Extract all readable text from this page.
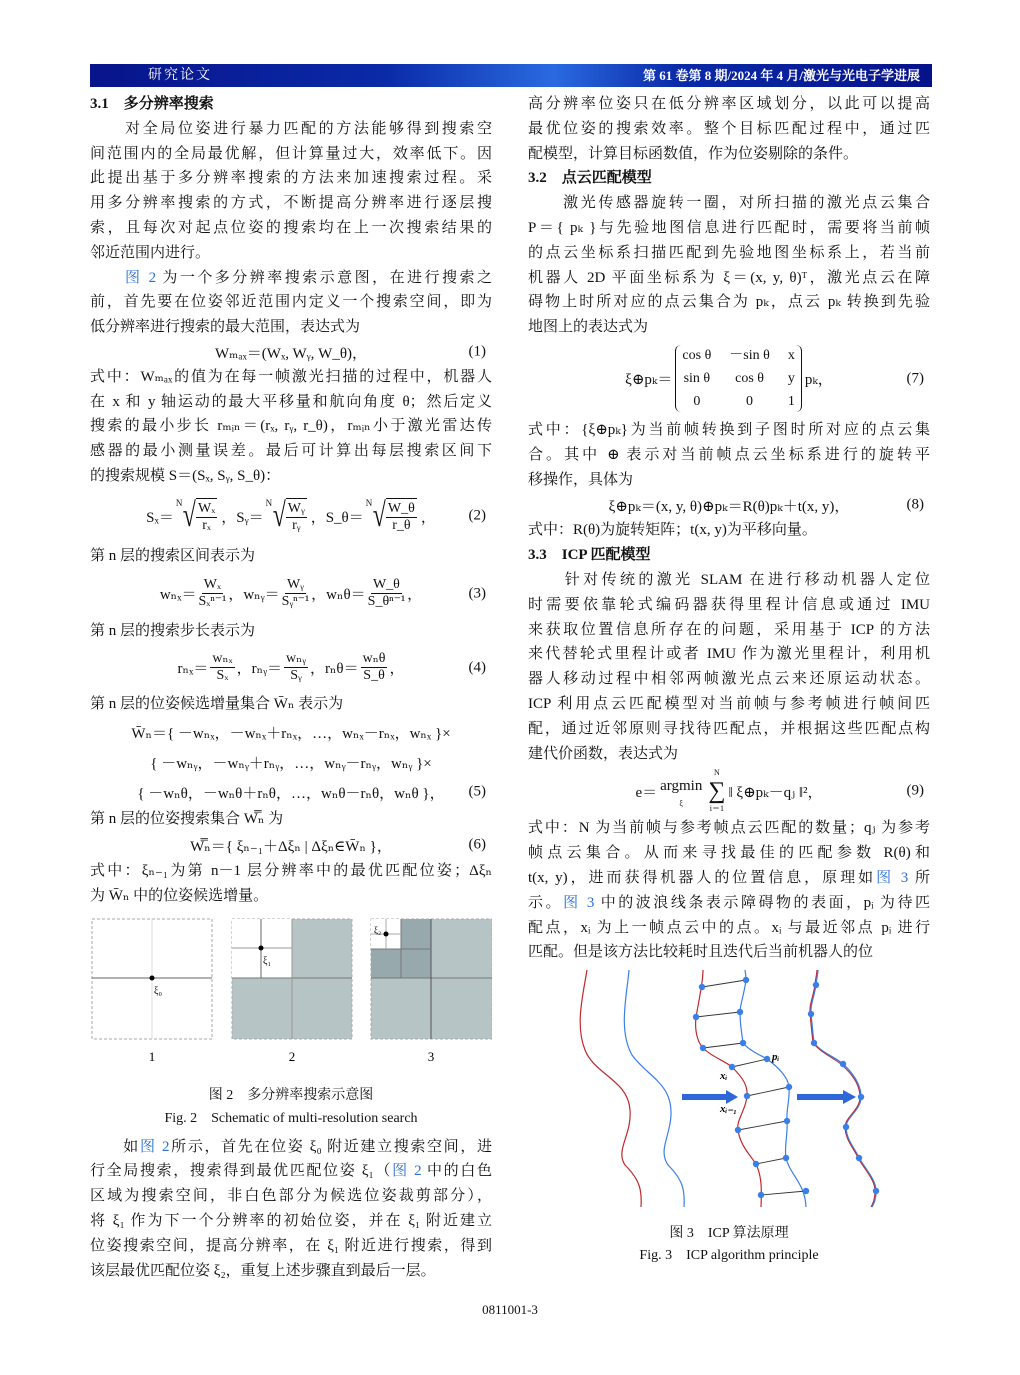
研究论文	第 61 卷第 8 期/2024 年 4 月/激光与光电子学进展
3.1　多分辨率搜索
　　对全局位姿进行暴力匹配的方法能够得到搜索空
间范围内的全局最优解，但计算量过大，效率低下。因
此提出基于多分辨率搜索的方法来加速搜索过程。采
用多分辨率搜索的方式，不断提高分辨率进行逐层搜
索，且每次对起点位姿的搜索均在上一次搜索结果的
邻近范围内进行。
　　图 2 为一个多分辨率搜索示意图，在进行搜索之
前，首先要在位姿邻近范围内定义一个搜索空间，即为
低分辨率进行搜索的最大范围，表达式为
Wₘₐₓ＝(Wₓ, Wᵧ, W_θ)，	(1)
式中：Wₘₐₓ的值为在每一帧激光扫描的过程中，机器人
在 x 和 y 轴运动的最大平移量和航向角度 θ；然后定义
搜索的最小步长 rₘᵢₙ＝(rₓ, rᵧ, r_θ)，rₘᵢₙ小于激光雷达传
感器的最小测量误差。最后可计算出每层搜索区间下
的搜索规模 S＝(Sₓ, Sᵧ, S_θ)：
Sₓ＝
N √ $\frac{\text{Wₓ}}{\text{rₓ}}$ ，Sᵧ＝
N √ $\frac{\text{Wᵧ}}{\text{rᵧ}}$ ，S_θ＝
N √ $\frac{W\_\theta}{r\_\theta}$ ， (2)
第 n 层的搜索区间表示为
$w_{nx}= \frac{\text{Wₓ}}{\text{Sₓⁿ⁻¹}}$ ，wₙᵧ＝ $\frac{\text{Wᵧ}}{\text{Sᵧⁿ⁻¹}}$ ，$w_n\theta= \frac{W\_\theta}{\text{S\_θⁿ⁻¹}}$ ，	(3)
第 n 层的搜索步长表示为
$r_{nx}= \frac{\text{wₙₓ}}{\text{Sₓ}}$ ，rₙᵧ＝ $\frac{\text{wₙᵧ}}{\text{Sᵧ}}$ ，$r_n\theta= \frac{\text{wₙθ}}{S\_\theta}$ ，	(4)
第 n 层的位姿候选增量集合 W̄ₙ 表示为
W̄ₙ＝{ －wₙₓ，－wₙₓ＋rₙₓ，…，wₙₓ－rₙₓ，wₙₓ }×
{ －wₙᵧ，－wₙᵧ＋rₙᵧ，…，wₙᵧ－rₙᵧ，wₙᵧ }×
{ －wₙθ，－wₙθ＋rₙθ，…，wₙθ－rₙθ，wₙθ }， (5)
第 n 层的位姿搜索集合 W̿ₙ 为
W̿ₙ＝{ ξₙ₋₁＋Δξₙ | Δξₙ∈W̄ₙ }，	(6)
式中：ξₙ₋₁为第 n－1 层分辨率中的最优匹配位姿；Δξₙ
为 W̄ₙ 中的位姿候选增量。
ξ₀
ξ₁
ξ₂
1	2	3
图 2　多分辨率搜索示意图
Fig. 2　Schematic of multi-resolution search
　　如图 2所示，首先在位姿 ξ₀ 附近建立搜索空间，进
行全局搜索，搜索得到最优匹配位姿 ξ₁（图 2 中的白色
区域为搜索空间，非白色部分为候选位姿裁剪部分），
将 ξ₁ 作为下一个分辨率的初始位姿，并在 ξ₁ 附近建立
位姿搜索空间，提高分辨率，在 ξ₁ 附近进行搜索，得到
该层最优匹配位姿 ξ₂，重复上述步骤直到最后一层。
高分辨率位姿只在低分辨率区域划分，以此可以提高
最优位姿的搜索效率。整个目标匹配过程中，通过匹
配模型，计算目标函数值，作为位姿剔除的条件。
3.2　点云匹配模型
　　激光传感器旋转一圈，对所扫描的激光点云集合
P＝{ pₖ }与先验地图信息进行匹配时，需要将当前帧
的点云坐标系扫描匹配到先验地图坐标系上，若当前
机器人 2D 平面坐标系为 ξ＝(x, y, θ)ᵀ，激光点云在障
碍物上时所对应的点云集合为 pₖ，点云 pₖ 转换到先验
地图上的表达式为
ξ⊕pₖ＝
cos θ －sin θ x
sin θ	cos θ	y
0	0	1
pₖ，	(7)
式中：{ξ⊕pₖ}为当前帧转换到子图时所对应的点云集
合。其中 ⊕ 表示对当前帧点云坐标系进行的旋转平
移操作，具体为
ξ⊕pₖ＝(x, y, θ)⊕pₖ＝R(θ)pₖ＋t(x, y)，	(8)
式中：R(θ)为旋转矩阵；t(x, y)为平移向量。
3.3　ICP 匹配模型
　　针对传统的激光 SLAM 在进行移动机器人定位
时需要依靠轮式编码器获得里程计信息或通过 IMU
来获取位置信息所存在的问题，采用基于 ICP 的方法
来代替轮式里程计或者 IMU 作为激光里程计，利用机
器人移动过程中相邻两帧激光点云来还原运动状态。
ICP 利用点云匹配模型对当前帧与参考帧进行帧间匹
配，通过近邻原则寻找待匹配点，并根据这些匹配点构
建代价函数，表达式为
e＝ argmin
ξ
N
∑
i＝1
‖ ξ⊕pₖ－qⱼ ‖²，	(9)
式中：N 为当前帧与参考帧点云匹配的数量；qⱼ 为参考
帧点云集合。从而来寻找最佳的匹配参数 R(θ)和
t(x, y)，进而获得机器人的位置信息，原理如图 3 所
示。图 3 中的波浪线条表示障碍物的表面，pᵢ 为待匹
配点，xᵢ 为上一帧点云中的点。xᵢ 与最近邻点 pᵢ 进行
匹配。但是该方法比较耗时且迭代后当前机器人的位
pᵢ
xᵢ
xᵢ₋₁
图 3　ICP 算法原理
Fig. 3　ICP algorithm principle
0811001-3
